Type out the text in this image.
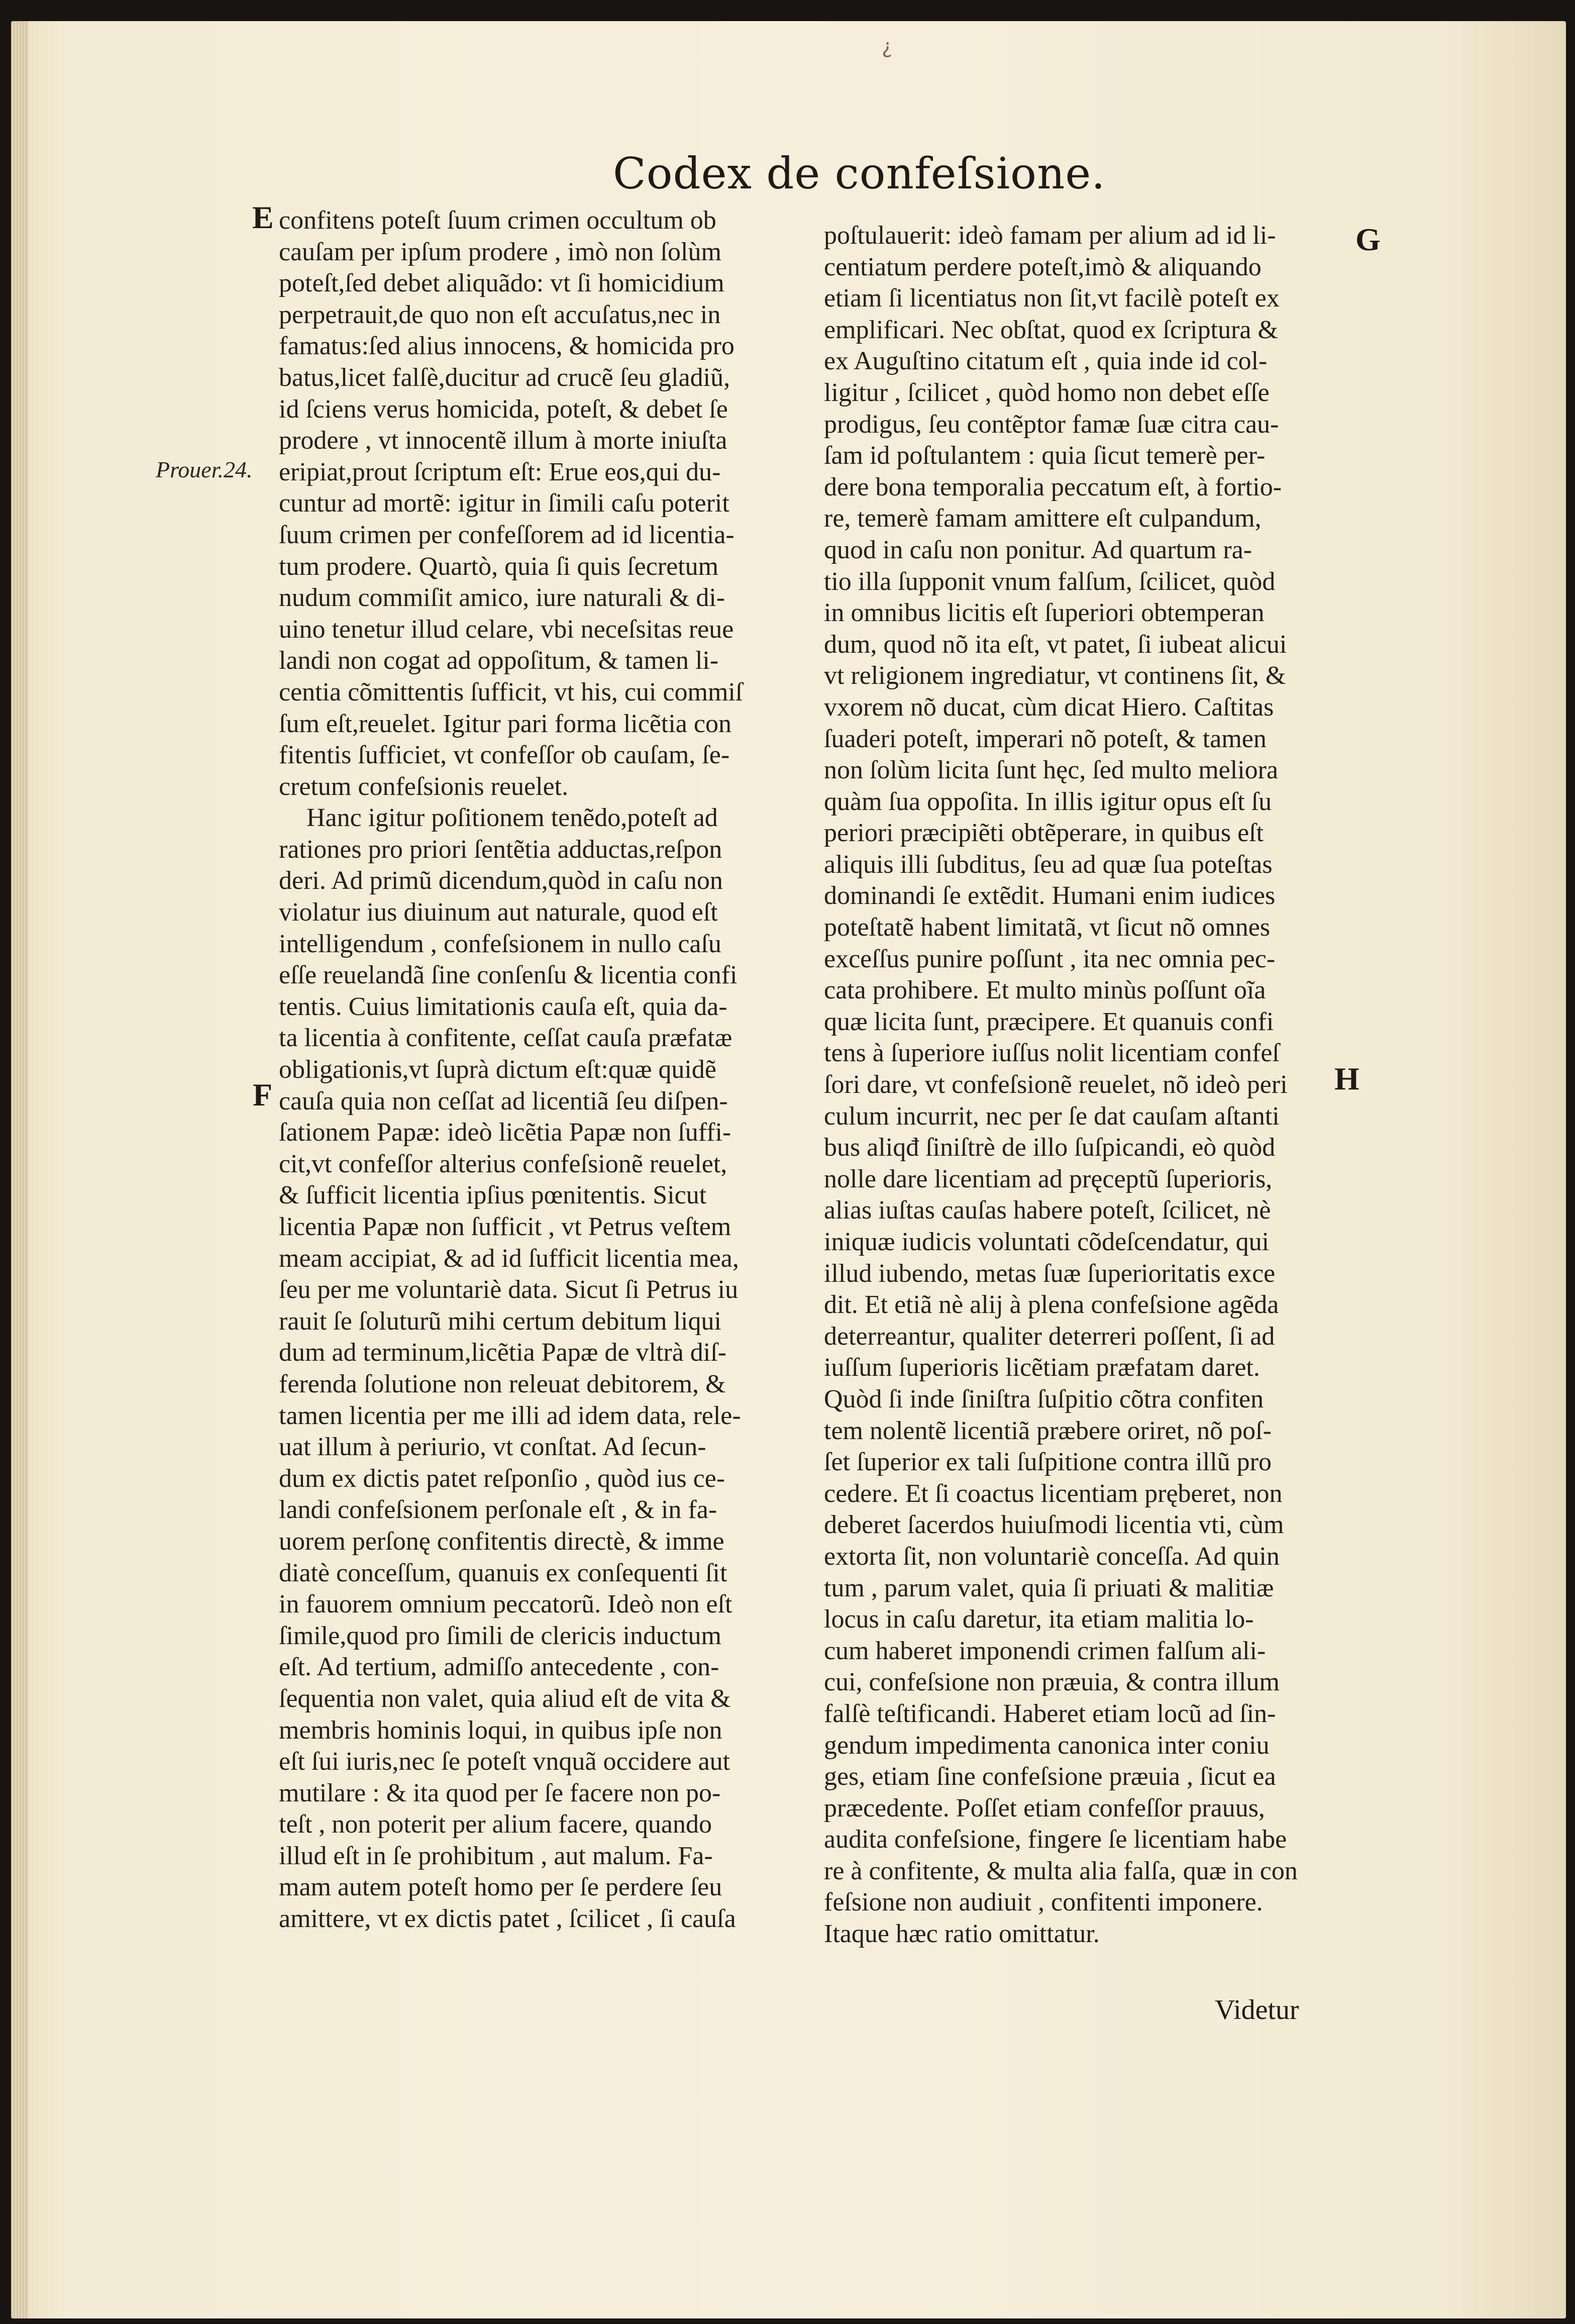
¿
Codex de confeſsione.
E
F
G
H
Prouer.24.
confitens poteſt ſuum crimen occultum ob
cauſam per ipſum prodere , imò non ſolùm
poteſt,ſed debet aliquãdo: vt ſi homicidium
perpetrauit,de quo non eſt accuſatus,nec in
famatus:ſed alius innocens, & homicida pro
batus,licet falſè,ducitur ad crucẽ ſeu gladiũ,
id ſciens verus homicida, poteſt, & debet ſe
prodere , vt innocentẽ illum à morte iniuſta
eripiat,prout ſcriptum eſt: Erue eos,qui du-
cuntur ad mortẽ: igitur in ſimili caſu poterit
ſuum crimen per confeſſorem ad id licentia-
tum prodere. Quartò, quia ſi quis ſecretum
nudum commiſit amico, iure naturali & di-
uino tenetur illud celare, vbi neceſsitas reue
landi non cogat ad oppoſitum, & tamen li-
centia cõmittentis ſufficit, vt his, cui commiſ
ſum eſt,reuelet. Igitur pari forma licẽtia con
fitentis ſufficiet, vt confeſſor ob cauſam, ſe-
cretum confeſsionis reuelet.
Hanc igitur poſitionem tenẽdo,poteſt ad
rationes pro priori ſentẽtia adductas,reſpon
deri. Ad primũ dicendum,quòd in caſu non
violatur ius diuinum aut naturale, quod eſt
intelligendum , confeſsionem in nullo caſu
eſſe reuelandã ſine conſenſu & licentia confi
tentis. Cuius limitationis cauſa eſt, quia da-
ta licentia à confitente, ceſſat cauſa præfatæ
obligationis,vt ſuprà dictum eſt:quæ quidẽ
cauſa quia non ceſſat ad licentiã ſeu diſpen-
ſationem Papæ: ideò licẽtia Papæ non ſuffi-
cit,vt confeſſor alterius confeſsionẽ reuelet,
& ſufficit licentia ipſius pœnitentis. Sicut
licentia Papæ non ſufficit , vt Petrus veſtem
meam accipiat, & ad id ſufficit licentia mea,
ſeu per me voluntariè data. Sicut ſi Petrus iu
rauit ſe ſoluturũ mihi certum debitum liqui
dum ad terminum,licẽtia Papæ de vltrà diſ-
ferenda ſolutione non releuat debitorem, &
tamen licentia per me illi ad idem data, rele-
uat illum à periurio, vt conſtat. Ad ſecun-
dum ex dictis patet reſponſio , quòd ius ce-
landi confeſsionem perſonale eſt , & in fa-
uorem perſonę confitentis directè, & imme
diatè conceſſum, quanuis ex conſequenti ſit
in fauorem omnium peccatorũ. Ideò non eſt
ſimile,quod pro ſimili de clericis inductum
eſt. Ad tertium, admiſſo antecedente , con-
ſequentia non valet, quia aliud eſt de vita &
membris hominis loqui, in quibus ipſe non
eſt ſui iuris,nec ſe poteſt vnquã occidere aut
mutilare : & ita quod per ſe facere non po-
teſt , non poterit per alium facere, quando
illud eſt in ſe prohibitum , aut malum. Fa-
mam autem poteſt homo per ſe perdere ſeu
amittere, vt ex dictis patet , ſcilicet , ſi cauſa
poſtulauerit: ideò famam per alium ad id li-
centiatum perdere poteſt,imò & aliquando
etiam ſi licentiatus non ſit,vt facilè poteſt ex
emplificari. Nec obſtat, quod ex ſcriptura &
ex Auguſtino citatum eſt , quia inde id col-
ligitur , ſcilicet , quòd homo non debet eſſe
prodigus, ſeu contẽptor famæ ſuæ citra cau-
ſam id poſtulantem : quia ſicut temerè per-
dere bona temporalia peccatum eſt, à fortio-
re, temerè famam amittere eſt culpandum,
quod in caſu non ponitur. Ad quartum ra-
tio illa ſupponit vnum falſum, ſcilicet, quòd
in omnibus licitis eſt ſuperiori obtemperan
dum, quod nõ ita eſt, vt patet, ſi iubeat alicui
vt religionem ingrediatur, vt continens ſit, &
vxorem nõ ducat, cùm dicat Hiero. Caſtitas
ſuaderi poteſt, imperari nõ poteſt, & tamen
non ſolùm licita ſunt hęc, ſed multo meliora
quàm ſua oppoſita. In illis igitur opus eſt ſu
periori præcipiẽti obtẽperare, in quibus eſt
aliquis illi ſubditus, ſeu ad quæ ſua poteſtas
dominandi ſe extẽdit. Humani enim iudices
poteſtatẽ habent limitatã, vt ſicut nõ omnes
exceſſus punire poſſunt , ita nec omnia pec-
cata prohibere. Et multo minùs poſſunt oĩa
quæ licita ſunt, præcipere. Et quanuis confi
tens à ſuperiore iuſſus nolit licentiam confeſ
ſori dare, vt confeſsionẽ reuelet, nõ ideò peri
culum incurrit, nec per ſe dat cauſam aſtanti
bus aliqđ ſiniſtrè de illo ſuſpicandi, eò quòd
nolle dare licentiam ad pręceptũ ſuperioris,
alias iuſtas cauſas habere poteſt, ſcilicet, nè
iniquæ iudicis voluntati cõdeſcendatur, qui
illud iubendo, metas ſuæ ſuperioritatis exce
dit. Et etiã nè alij à plena confeſsione agẽda
deterreantur, qualiter deterreri poſſent, ſi ad
iuſſum ſuperioris licẽtiam præfatam daret.
Quòd ſi inde ſiniſtra ſuſpitio cõtra confiten
tem nolentẽ licentiã præbere oriret, nõ poſ-
ſet ſuperior ex tali ſuſpitione contra illũ pro
cedere. Et ſi coactus licentiam pręberet, non
deberet ſacerdos huiuſmodi licentia vti, cùm
extorta ſit, non voluntariè conceſſa. Ad quin
tum , parum valet, quia ſi priuati & malitiæ
locus in caſu daretur, ita etiam malitia lo-
cum haberet imponendi crimen falſum ali-
cui, confeſsione non præuia, & contra illum
falſè teſtificandi. Haberet etiam locũ ad ſin-
gendum impedimenta canonica inter coniu
ges, etiam ſine confeſsione præuia , ſicut ea
præcedente. Poſſet etiam confeſſor prauus,
audita confeſsione, fingere ſe licentiam habe
re à confitente, & multa alia falſa, quæ in con
feſsione non audiuit , confitenti imponere.
Itaque hæc ratio omittatur.
Videtur
